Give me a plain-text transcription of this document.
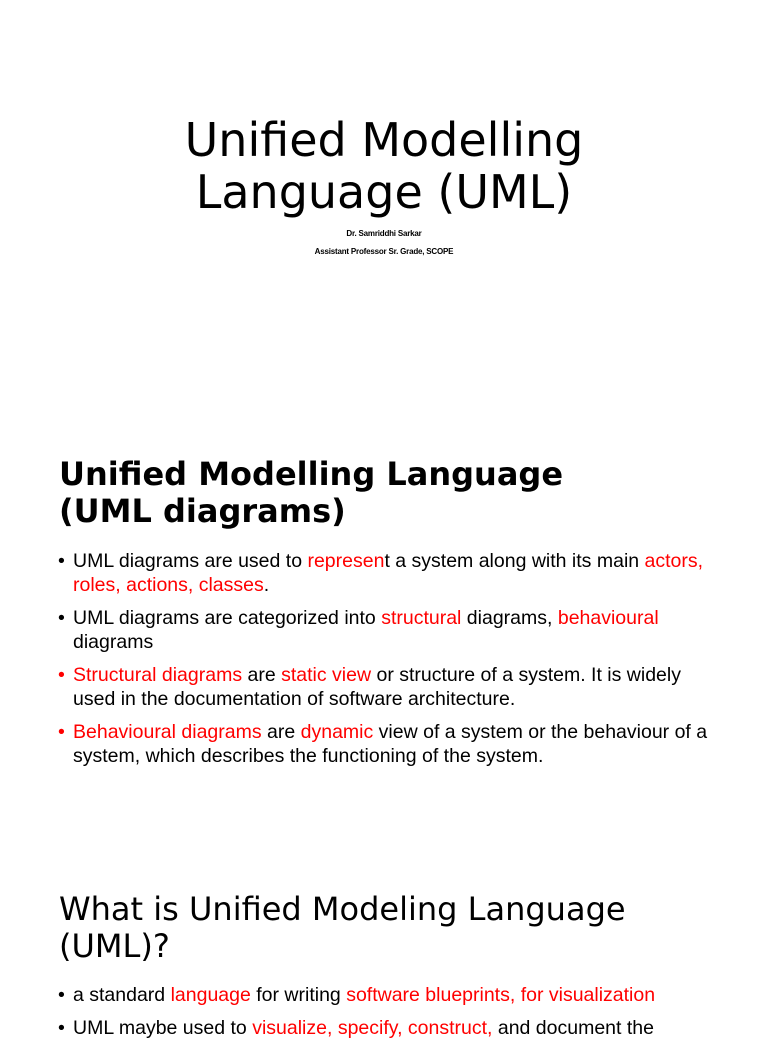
Unified Modelling
Language (UML)
Dr. Samriddhi Sarkar
Assistant Professor Sr. Grade, SCOPE
Unified Modelling Language
(UML diagrams)
• UML diagrams are used to represent a system along with its main actors, roles, actions, classes.
• UML diagrams are categorized into structural diagrams, behavioural diagrams
• Structural diagrams are static view or structure of a system. It is widely used in the documentation of software architecture.
• Behavioural diagrams are dynamic view of a system or the behaviour of a system, which describes the functioning of the system.
What is Unified Modeling Language
(UML)?
• a standard language for writing software blueprints, for visualization
• UML maybe used to visualize, specify, construct, and document the
